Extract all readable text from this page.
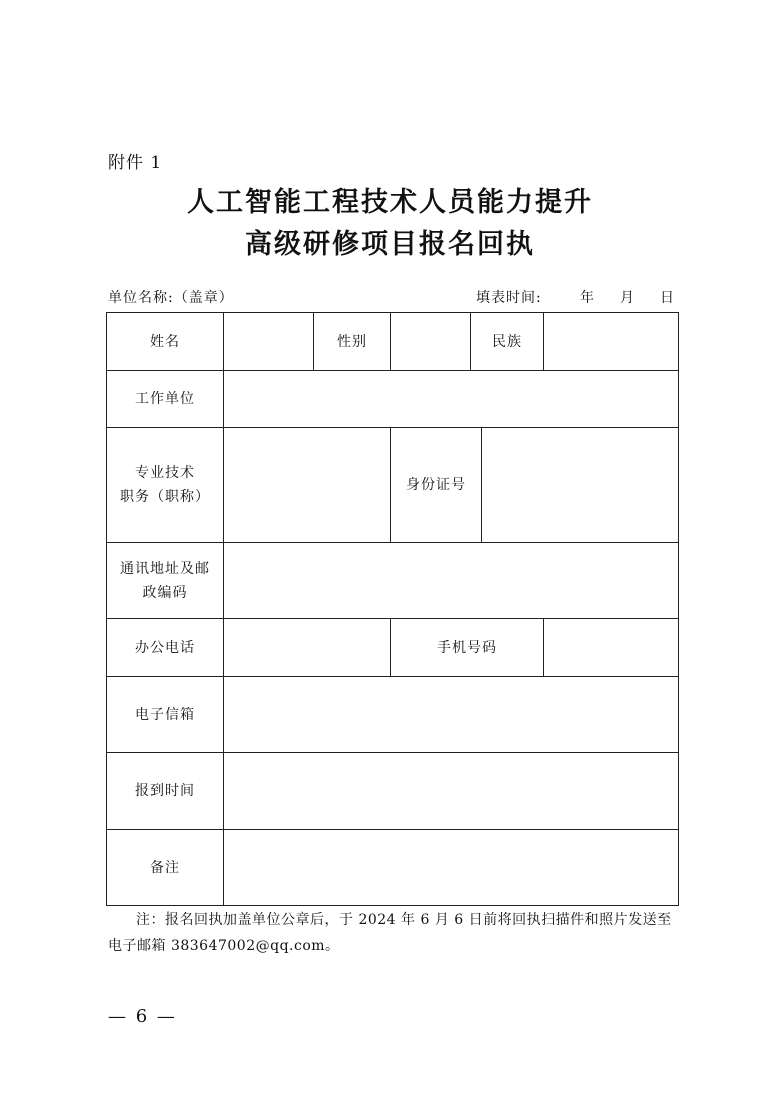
附件 1
人工智能工程技术人员能力提升
高级研修项目报名回执
单位名称:（盖章）	填表时间:	年 月 日
姓名		性别		民族		
工作单位						
专业技术
职务（职称）			身份证号			
通讯地址及邮
政编码						
办公电话			手机号码			
电子信箱						
报到时间						
备注						
注：报名回执加盖单位公章后，于 2024 年 6 月 6 日前将回执扫描件和照片发送至电子邮箱 383647002@qq.com。
— 6 —
